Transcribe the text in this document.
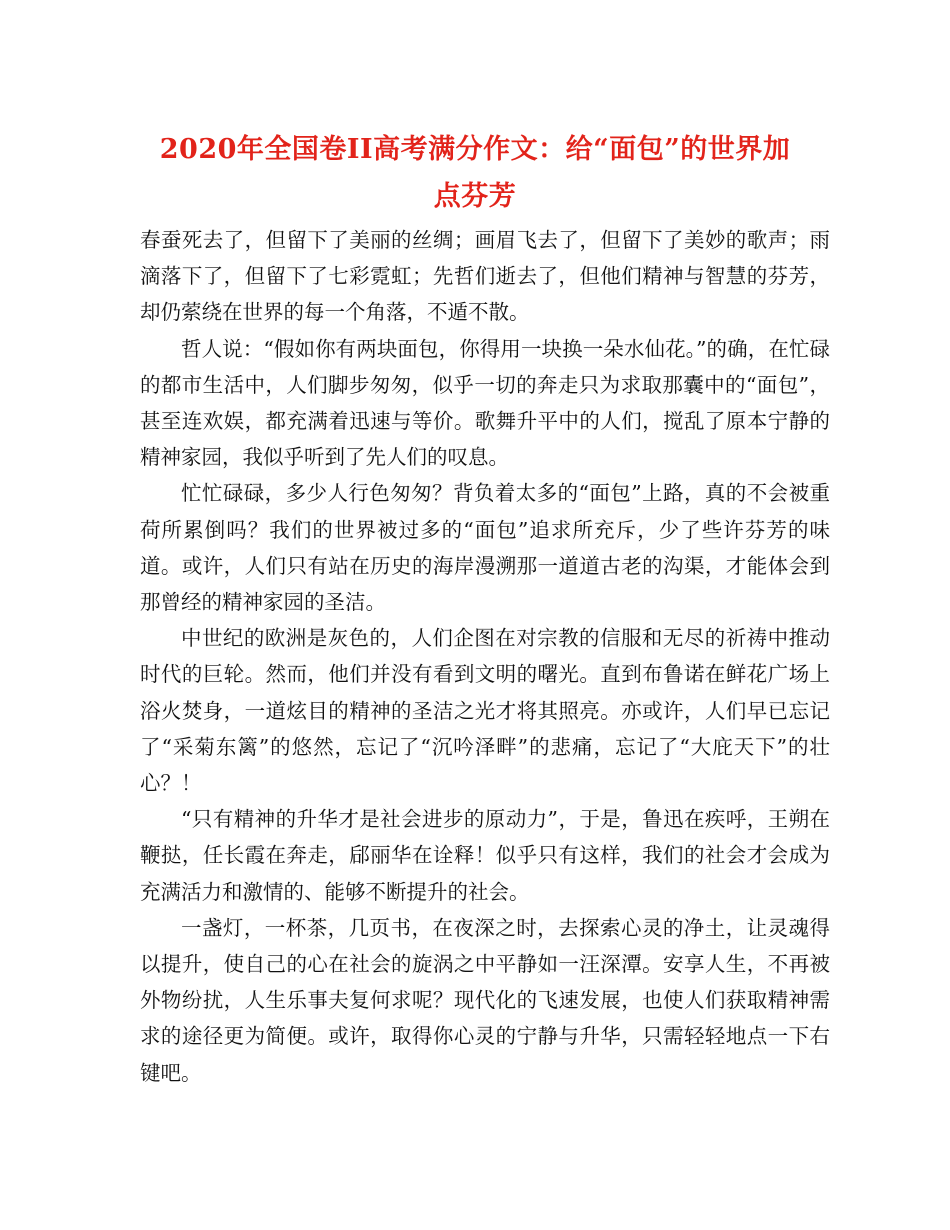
2020年全国卷II高考满分作文：给“面包”的世界加
点芬芳

春蚕死去了，但留下了美丽的丝绸；画眉飞去了，但留下了美妙的歌声；雨滴落下了，但留下了七彩霓虹；先哲们逝去了，但他们精神与智慧的芬芳，却仍萦绕在世界的每一个角落，不遁不散。

哲人说：“假如你有两块面包，你得用一块换一朵水仙花。”的确，在忙碌的都市生活中，人们脚步匆匆，似乎一切的奔走只为求取那囊中的“面包”，甚至连欢娱，都充满着迅速与等价。歌舞升平中的人们，搅乱了原本宁静的精神家园，我似乎听到了先人们的叹息。

忙忙碌碌，多少人行色匆匆？背负着太多的“面包”上路，真的不会被重荷所累倒吗？我们的世界被过多的“面包”追求所充斥，少了些许芬芳的味道。或许，人们只有站在历史的海岸漫溯那一道道古老的沟渠，才能体会到那曾经的精神家园的圣洁。

中世纪的欧洲是灰色的，人们企图在对宗教的信服和无尽的祈祷中推动时代的巨轮。然而，他们并没有看到文明的曙光。直到布鲁诺在鲜花广场上浴火焚身，一道炫目的精神的圣洁之光才将其照亮。亦或许，人们早已忘记了“采菊东篱”的悠然，忘记了“沉吟泽畔”的悲痛，忘记了“大庇天下”的壮心？！

“只有精神的升华才是社会进步的原动力”，于是，鲁迅在疾呼，王朔在鞭挞，任长霞在奔走，郈丽华在诠释！似乎只有这样，我们的社会才会成为充满活力和激情的、能够不断提升的社会。

一盏灯，一杯茶，几页书，在夜深之时，去探索心灵的净土，让灵魂得以提升，使自己的心在社会的旋涡之中平静如一汪深潭。安享人生，不再被外物纷扰，人生乐事夫复何求呢？现代化的飞速发展，也使人们获取精神需求的途径更为简便。或许，取得你心灵的宁静与升华，只需轻轻地点一下右键吧。
